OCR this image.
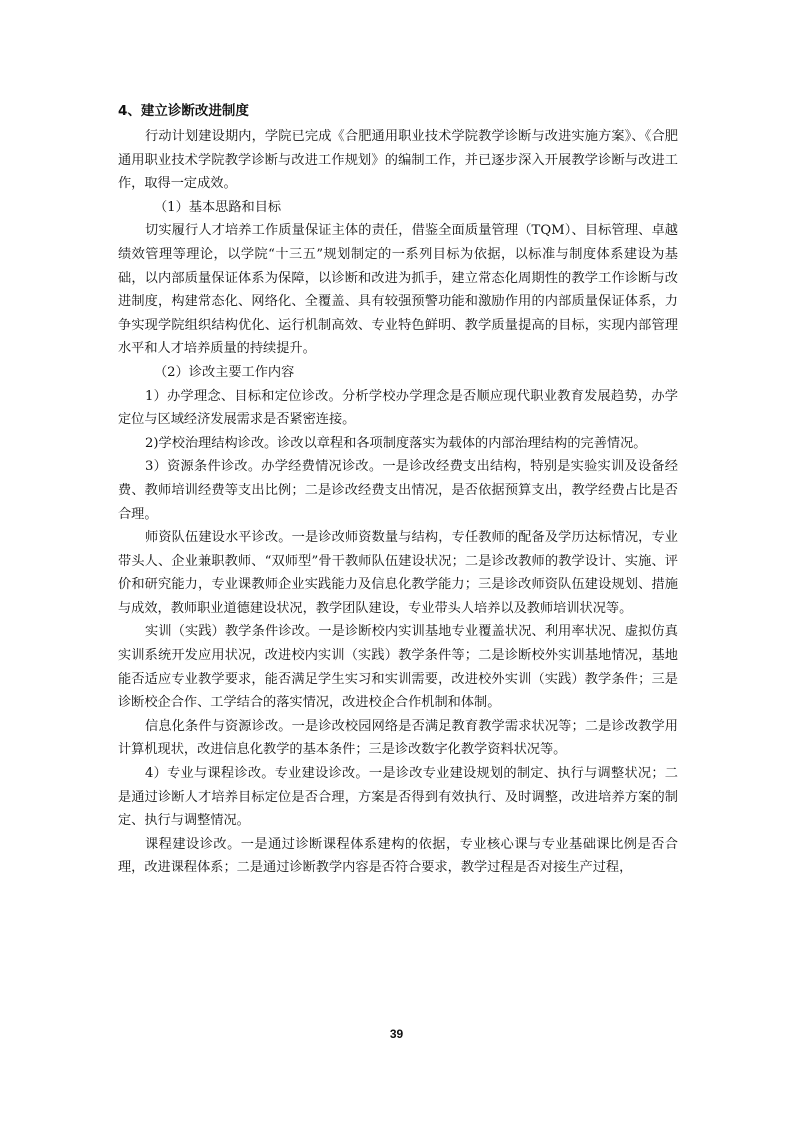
4、建立诊断改进制度

行动计划建设期内，学院已完成《合肥通用职业技术学院教学诊断与改进实施方案》、《合肥通用职业技术学院教学诊断与改进工作规划》的编制工作，并已逐步深入开展教学诊断与改进工作，取得一定成效。

（1）基本思路和目标

切实履行人才培养工作质量保证主体的责任，借鉴全面质量管理（TQM）、目标管理、卓越绩效管理等理论，以学院“十三五”规划制定的一系列目标为依据，以标准与制度体系建设为基础，以内部质量保证体系为保障，以诊断和改进为抓手，建立常态化周期性的教学工作诊断与改进制度，构建常态化、网络化、全覆盖、具有较强预警功能和激励作用的内部质量保证体系，力争实现学院组织结构优化、运行机制高效、专业特色鲜明、教学质量提高的目标，实现内部管理水平和人才培养质量的持续提升。

（2）诊改主要工作内容

1）办学理念、目标和定位诊改。分析学校办学理念是否顺应现代职业教育发展趋势，办学定位与区域经济发展需求是否紧密连接。

2)学校治理结构诊改。诊改以章程和各项制度落实为载体的内部治理结构的完善情况。

3）资源条件诊改。办学经费情况诊改。一是诊改经费支出结构，特别是实验实训及设备经费、教师培训经费等支出比例；二是诊改经费支出情况，是否依据预算支出，教学经费占比是否合理。

师资队伍建设水平诊改。一是诊改师资数量与结构，专任教师的配备及学历达标情况，专业带头人、企业兼职教师、“双师型”骨干教师队伍建设状况；二是诊改教师的教学设计、实施、评价和研究能力，专业课教师企业实践能力及信息化教学能力；三是诊改师资队伍建设规划、措施与成效，教师职业道德建设状况，教学团队建设，专业带头人培养以及教师培训状况等。

实训（实践）教学条件诊改。一是诊断校内实训基地专业覆盖状况、利用率状况、虚拟仿真实训系统开发应用状况，改进校内实训（实践）教学条件等；二是诊断校外实训基地情况，基地能否适应专业教学要求，能否满足学生实习和实训需要，改进校外实训（实践）教学条件；三是诊断校企合作、工学结合的落实情况，改进校企合作机制和体制。

信息化条件与资源诊改。一是诊改校园网络是否满足教育教学需求状况等；二是诊改教学用计算机现状，改进信息化教学的基本条件；三是诊改数字化教学资料状况等。

4）专业与课程诊改。专业建设诊改。一是诊改专业建设规划的制定、执行与调整状况；二是通过诊断人才培养目标定位是否合理，方案是否得到有效执行、及时调整，改进培养方案的制定、执行与调整情况。

课程建设诊改。一是通过诊断课程体系建构的依据，专业核心课与专业基础课比例是否合理，改进课程体系；二是通过诊断教学内容是否符合要求，教学过程是否对接生产过程，

39
